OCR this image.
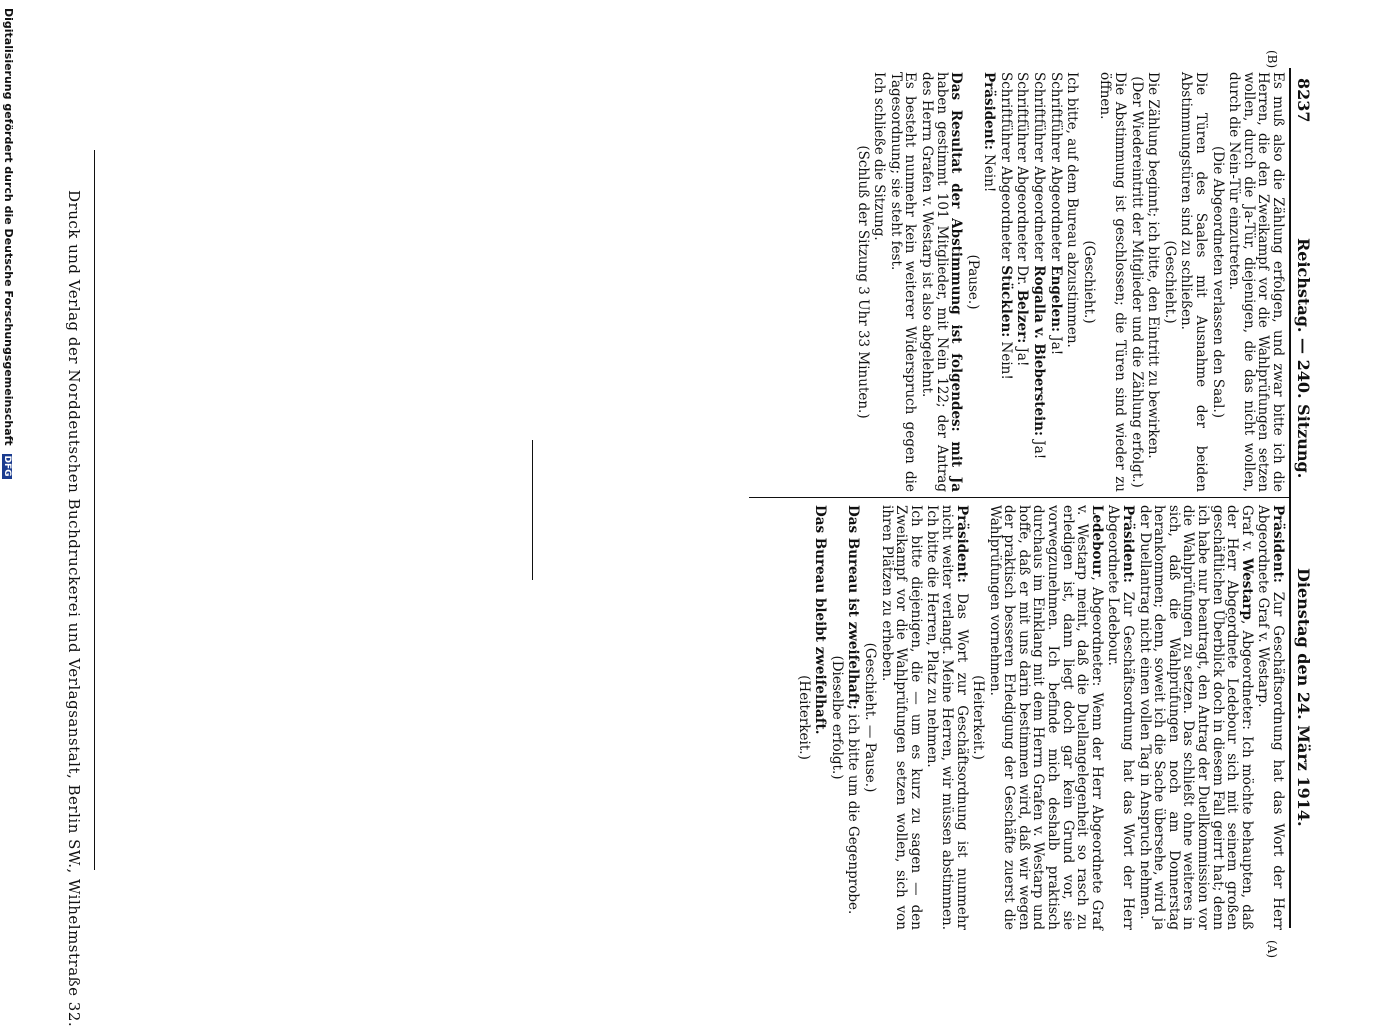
8237
Reichstag. — 240. Sitzung.
Dienstag den 24. März 1914.
(A)
(B)

Präsident: Zur Geschäftsordnung hat das Wort der Herr Abgeordnete Graf v. Westarp.

Graf v. Westarp, Abgeordneter: Ich möchte behaupten, daß der Herr Abgeordnete Ledebour sich mit seinem großen geschäftlichen Überblick doch in diesem Fall geirrt hat; denn ich habe nur beantragt, den Antrag der Duellkommission vor die Wahlprüfungen zu setzen. Das schließt ohne weiteres in sich, daß die Wahlprüfungen noch am Donnerstag herankommen; denn, soweit ich die Sache übersehe, wird ja der Duellantrag nicht einen vollen Tag in Anspruch nehmen.

Präsident: Zur Geschäftsordnung hat das Wort der Herr Abgeordnete Ledebour.

Ledebour, Abgeordneter: Wenn der Herr Abgeordnete Graf v. Westarp meint, daß die Duellangelegenheit so rasch zu erledigen ist, dann liegt doch gar kein Grund vor, sie vorwegzunehmen. Ich befinde mich deshalb praktisch durchaus im Einklang mit dem Herrn Grafen v. Westarp und hoffe, daß er mit uns darin bestimmen wird, daß wir wegen der praktisch besseren Erledigung der Geschäfte zuerst die Wahlprüfungen vornehmen.

(Heiterkeit.)

Präsident: Das Wort zur Geschäftsordnung ist nunmehr nicht weiter verlangt. Meine Herren, wir müssen abstimmen. Ich bitte die Herren, Platz zu nehmen.

Ich bitte diejenigen, die — um es kurz zu sagen — den Zweikampf vor die Wahlprüfungen setzen wollen, sich von ihren Plätzen zu erheben.

(Geschieht. — Pause.)

Das Bureau ist zweifelhaft; ich bitte um die Gegenprobe.

(Dieselbe erfolgt.)

Das Bureau bleibt zweifelhaft.

(Heiterkeit.)

Es muß also die Zählung erfolgen, und zwar bitte ich die Herren, die den Zweikampf vor die Wahlprüfungen setzen wollen, durch die Ja-Tür, diejenigen, die das nicht wollen, durch die Nein-Tür einzutreten.

(Die Abgeordneten verlassen den Saal.)

Die Türen des Saales mit Ausnahme der beiden Abstimmungstüren sind zu schließen.

(Geschieht.)

Die Zählung beginnt; ich bitte, den Eintritt zu bewirken.

(Der Wiedereintritt der Mitglieder und die Zählung erfolgt.)

Die Abstimmung ist geschlossen; die Türen sind wieder zu öffnen.

(Geschieht.)

Ich bitte, auf dem Bureau abzustimmen.

Schriftführer Abgeordneter Engelen: Ja!

Schriftführer Abgeordneter Rogalla v. Bieberstein: Ja!

Schriftführer Abgeordneter Dr. Belzer: Ja!

Schriftführer Abgeordneter Stücklen: Nein!

Präsident: Nein!

(Pause.)

Das Resultat der Abstimmung ist folgendes: mit Ja haben gestimmt 101 Mitglieder, mit Nein 122; der Antrag des Herrn Grafen v. Westarp ist also abgelehnt.

Es besteht nunmehr kein weiterer Widerspruch gegen die Tagesordnung; sie steht fest.

Ich schließe die Sitzung.

(Schluß der Sitzung 3 Uhr 33 Minuten.)

Druck und Verlag der Norddeutschen Buchdruckerei und Verlagsanstalt, Berlin SW., Wilhelmstraße 32.
Digitalisierung gefördert durch die Deutsche Forschungsgemeinschaft DFG
